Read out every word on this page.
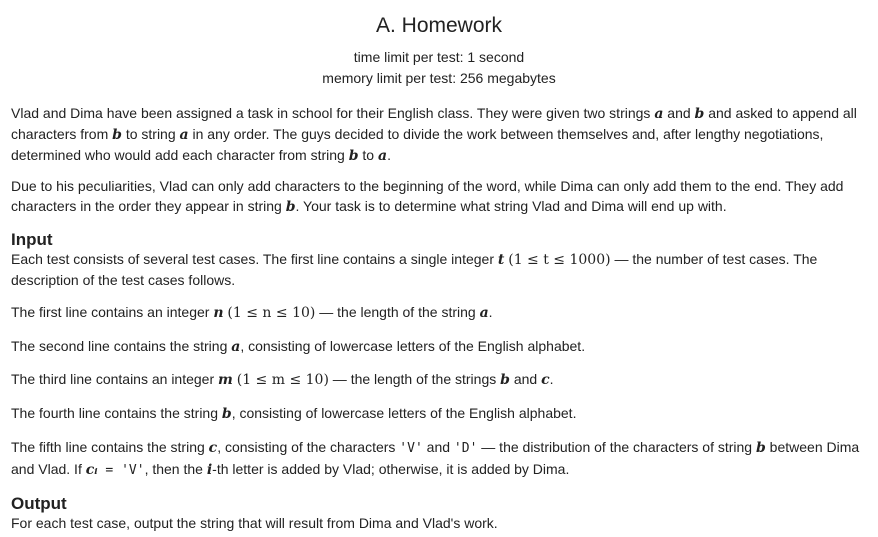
A. Homework
time limit per test: 1 second
memory limit per test: 256 megabytes
Vlad and Dima have been assigned a task in school for their English class. They were given two strings a and b and asked to append all
characters from b to string a in any order. The guys decided to divide the work between themselves and, after lengthy negotiations,
determined who would add each character from string b to a.
Due to his peculiarities, Vlad can only add characters to the beginning of the word, while Dima can only add them to the end. They add
characters in the order they appear in string b. Your task is to determine what string Vlad and Dima will end up with.
Input
Each test consists of several test cases. The first line contains a single integer t (1 ≤ t ≤ 1000) — the number of test cases. The
description of the test cases follows.
The first line contains an integer n (1 ≤ n ≤ 10) — the length of the string a.
The second line contains the string a, consisting of lowercase letters of the English alphabet.
The third line contains an integer m (1 ≤ m ≤ 10) — the length of the strings b and c.
The fourth line contains the string b, consisting of lowercase letters of the English alphabet.
The fifth line contains the string c, consisting of the characters 'V' and 'D' — the distribution of the characters of string b between Dima
and Vlad. If cᵢ = 'V', then the i-th letter is added by Vlad; otherwise, it is added by Dima.
Output
For each test case, output the string that will result from Dima and Vlad's work.
